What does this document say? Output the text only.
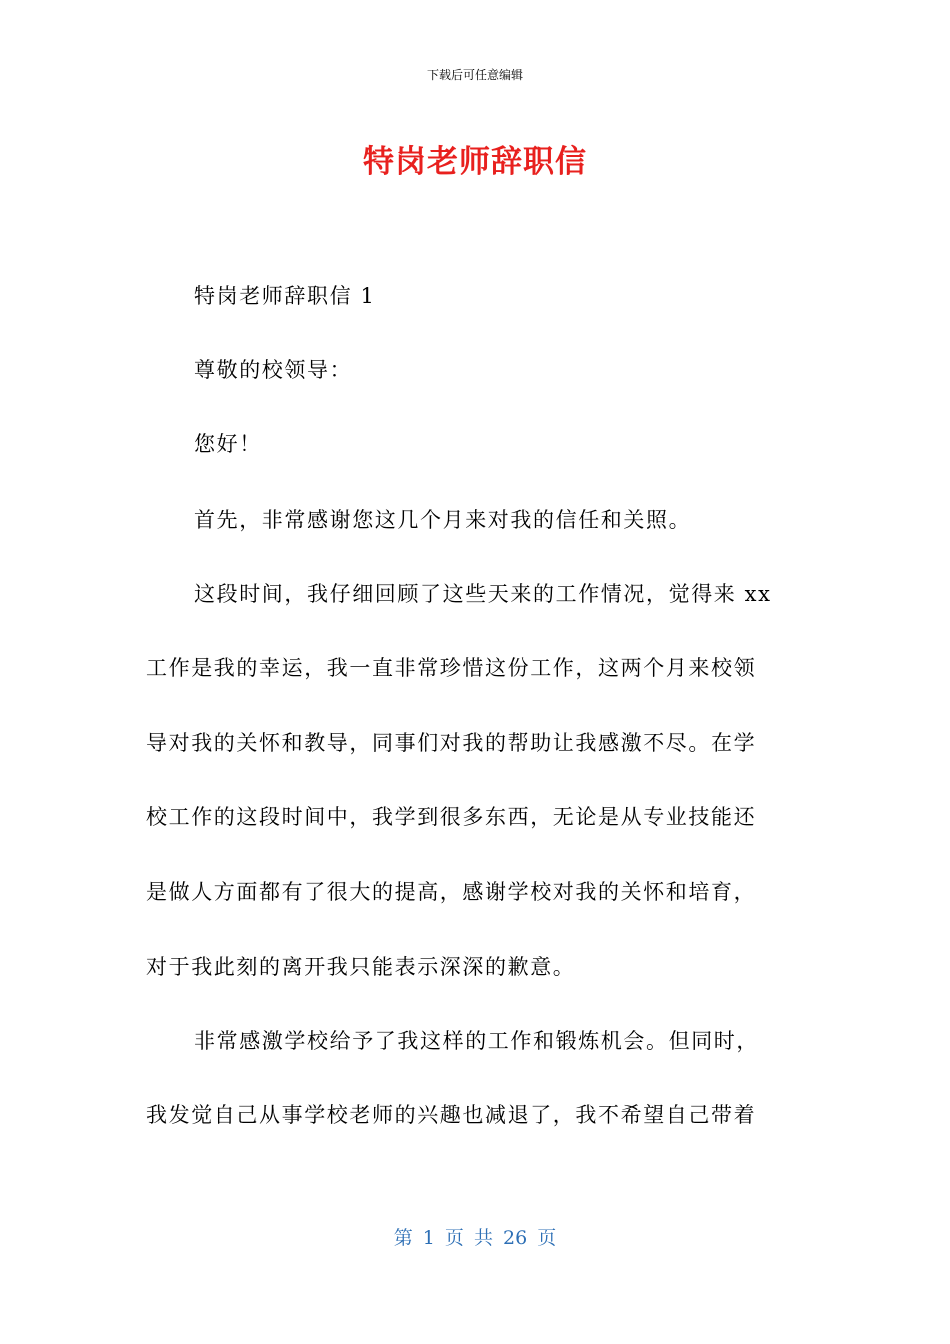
下载后可任意编辑
特岗老师辞职信
特岗老师辞职信 1
尊敬的校领导：
您好！
首先，非常感谢您这几个月来对我的信任和关照。
这段时间，我仔细回顾了这些天来的工作情况，觉得来 xx
工作是我的幸运，我一直非常珍惜这份工作，这两个月来校领
导对我的关怀和教导，同事们对我的帮助让我感激不尽。在学
校工作的这段时间中，我学到很多东西，无论是从专业技能还
是做人方面都有了很大的提高，感谢学校对我的关怀和培育，
对于我此刻的离开我只能表示深深的歉意。
非常感激学校给予了我这样的工作和锻炼机会。但同时，
我发觉自己从事学校老师的兴趣也减退了，我不希望自己带着
第 1 页 共 26 页
